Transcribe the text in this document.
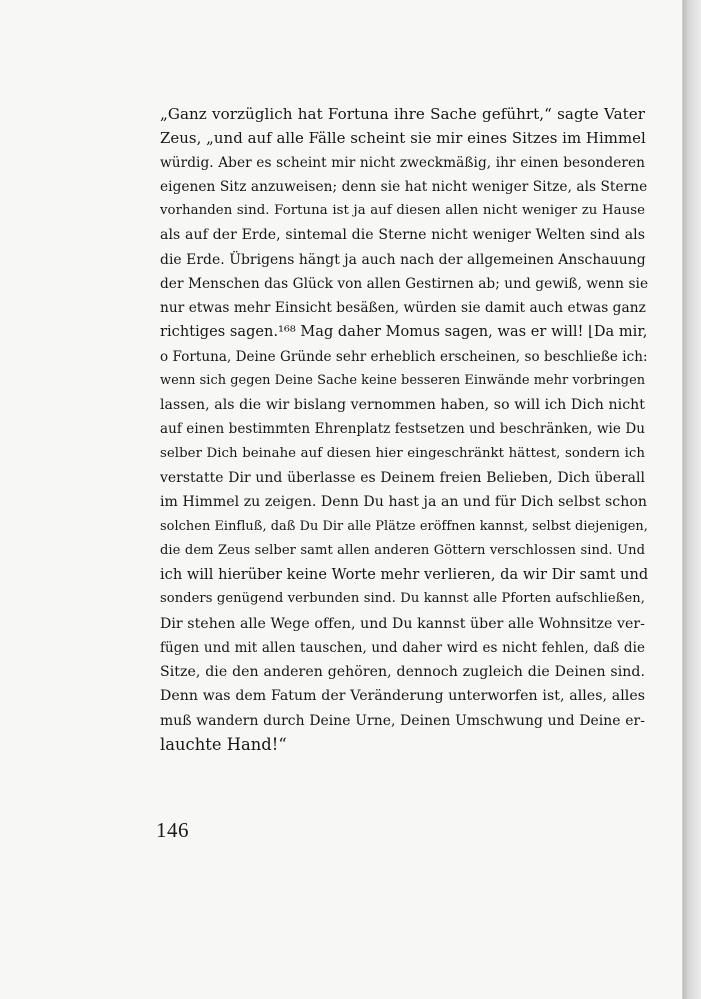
„Ganz vorzüglich hat Fortuna ihre Sache geführt,“ sagte Vater
Zeus, „und auf alle Fälle scheint sie mir eines Sitzes im Himmel
würdig. Aber es scheint mir nicht zweckmäßig, ihr einen besonderen
eigenen Sitz anzuweisen; denn sie hat nicht weniger Sitze, als Sterne
vorhanden sind. Fortuna ist ja auf diesen allen nicht weniger zu Hause
als auf der Erde, sintemal die Sterne nicht weniger Welten sind als
die Erde. Übrigens hängt ja auch nach der allgemeinen Anschauung
der Menschen das Glück von allen Gestirnen ab; und gewiß, wenn sie
nur etwas mehr Einsicht besäßen, würden sie damit auch etwas ganz
richtiges sagen.¹⁶⁸ Mag daher Momus sagen, was er will! ⌊Da mir,
o Fortuna, Deine Gründe sehr erheblich erscheinen, so beschließe ich:
wenn sich gegen Deine Sache keine besseren Einwände mehr vorbringen
lassen, als die wir bislang vernommen haben, so will ich Dich nicht
auf einen bestimmten Ehrenplatz festsetzen und beschränken, wie Du
selber Dich beinahe auf diesen hier eingeschränkt hättest, sondern ich
verstatte Dir und überlasse es Deinem freien Belieben, Dich überall
im Himmel zu zeigen. Denn Du hast ja an und für Dich selbst schon
solchen Einfluß, daß Du Dir alle Plätze eröffnen kannst, selbst diejenigen,
die dem Zeus selber samt allen anderen Göttern verschlossen sind. Und
ich will hierüber keine Worte mehr verlieren, da wir Dir samt und
sonders genügend verbunden sind. Du kannst alle Pforten aufschließen,
Dir stehen alle Wege offen, und Du kannst über alle Wohnsitze ver-
fügen und mit allen tauschen, und daher wird es nicht fehlen, daß die
Sitze, die den anderen gehören, dennoch zugleich die Deinen sind.
Denn was dem Fatum der Veränderung unterworfen ist, alles, alles
muß wandern durch Deine Urne, Deinen Umschwung und Deine er-
lauchte Hand!“
146
